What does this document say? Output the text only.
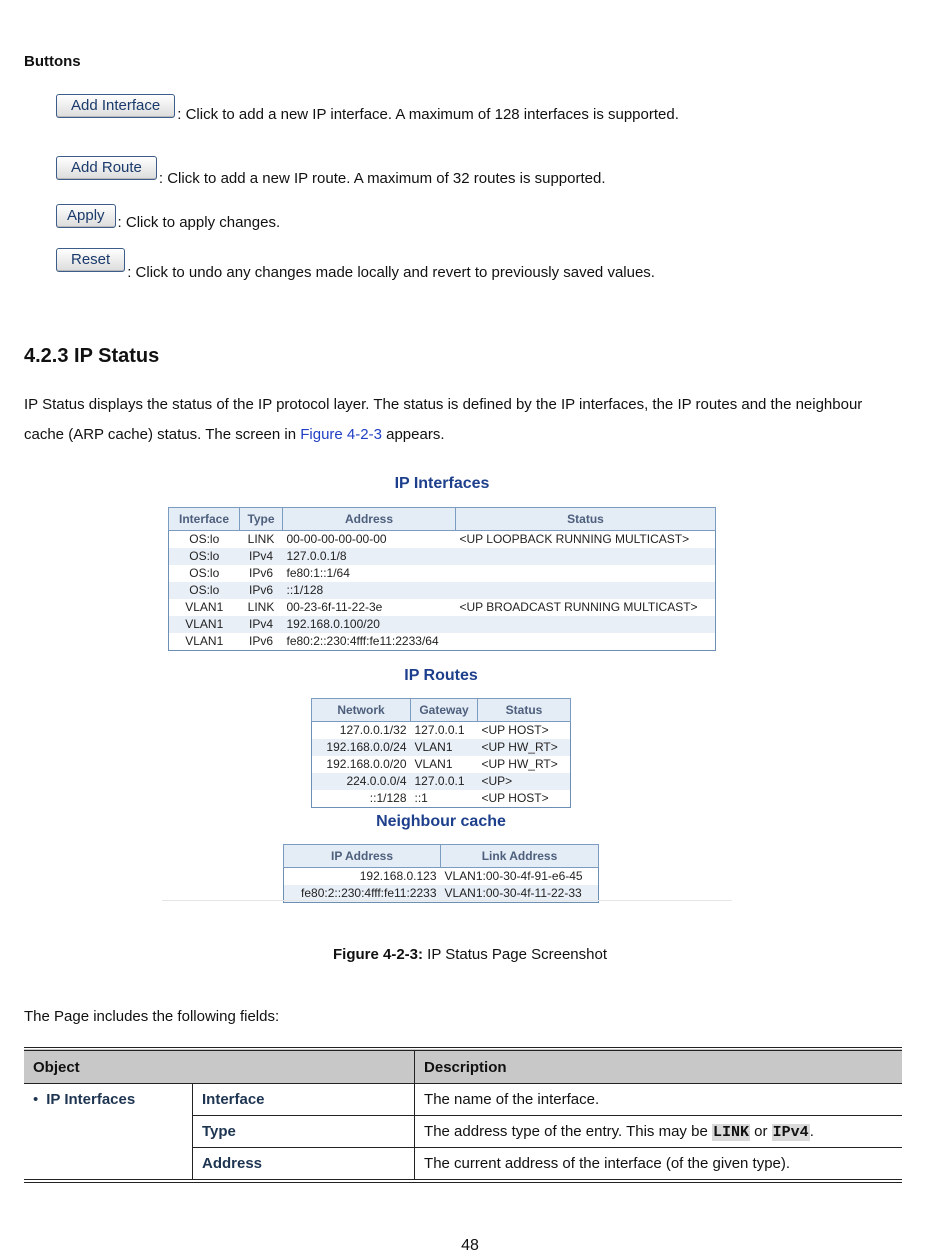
Buttons
Add Interface
: Click to add a new IP interface. A maximum of 128 interfaces is supported.
Add Route
: Click to add a new IP route. A maximum of 32 routes is supported.
Apply : Click to apply changes.
Reset
: Click to undo any changes made locally and revert to previously saved values.
4.2.3 IP Status
IP Status displays the status of the IP protocol layer. The status is defined by the IP interfaces, the IP routes and the neighbour cache (ARP cache) status. The screen in Figure 4-2-3 appears.
IP Interfaces
Interface	Type	Address	Status
OS:lo	LINK	00-00-00-00-00-00	<UP LOOPBACK RUNNING MULTICAST>
OS:lo	IPv4	127.0.0.1/8	
OS:lo	IPv6	fe80:1::1/64	
OS:lo	IPv6	::1/128	
VLAN1	LINK	00-23-6f-11-22-3e	<UP BROADCAST RUNNING MULTICAST>
VLAN1	IPv4	192.168.0.100/20	
VLAN1	IPv6	fe80:2::230:4fff:fe11:2233/64	
IP Routes
Network	Gateway	Status
127.0.0.1/32	127.0.0.1	<UP HOST>
192.168.0.0/24	VLAN1	<UP HW_RT>
192.168.0.0/20	VLAN1	<UP HW_RT>
224.0.0.0/4	127.0.0.1	<UP>
::1/128	::1	<UP HOST>
Neighbour cache
IP Address	Link Address
192.168.0.123	VLAN1:00-30-4f-91-e6-45
fe80:2::230:4fff:fe11:2233	VLAN1:00-30-4f-11-22-33
Figure 4-2-3: IP Status Page Screenshot
The Page includes the following fields:
Object		Description
• IP Interfaces	Interface	The name of the interface.
	Type	The address type of the entry. This may be LINK or IPv4.
	Address	The current address of the interface (of the given type).
48
